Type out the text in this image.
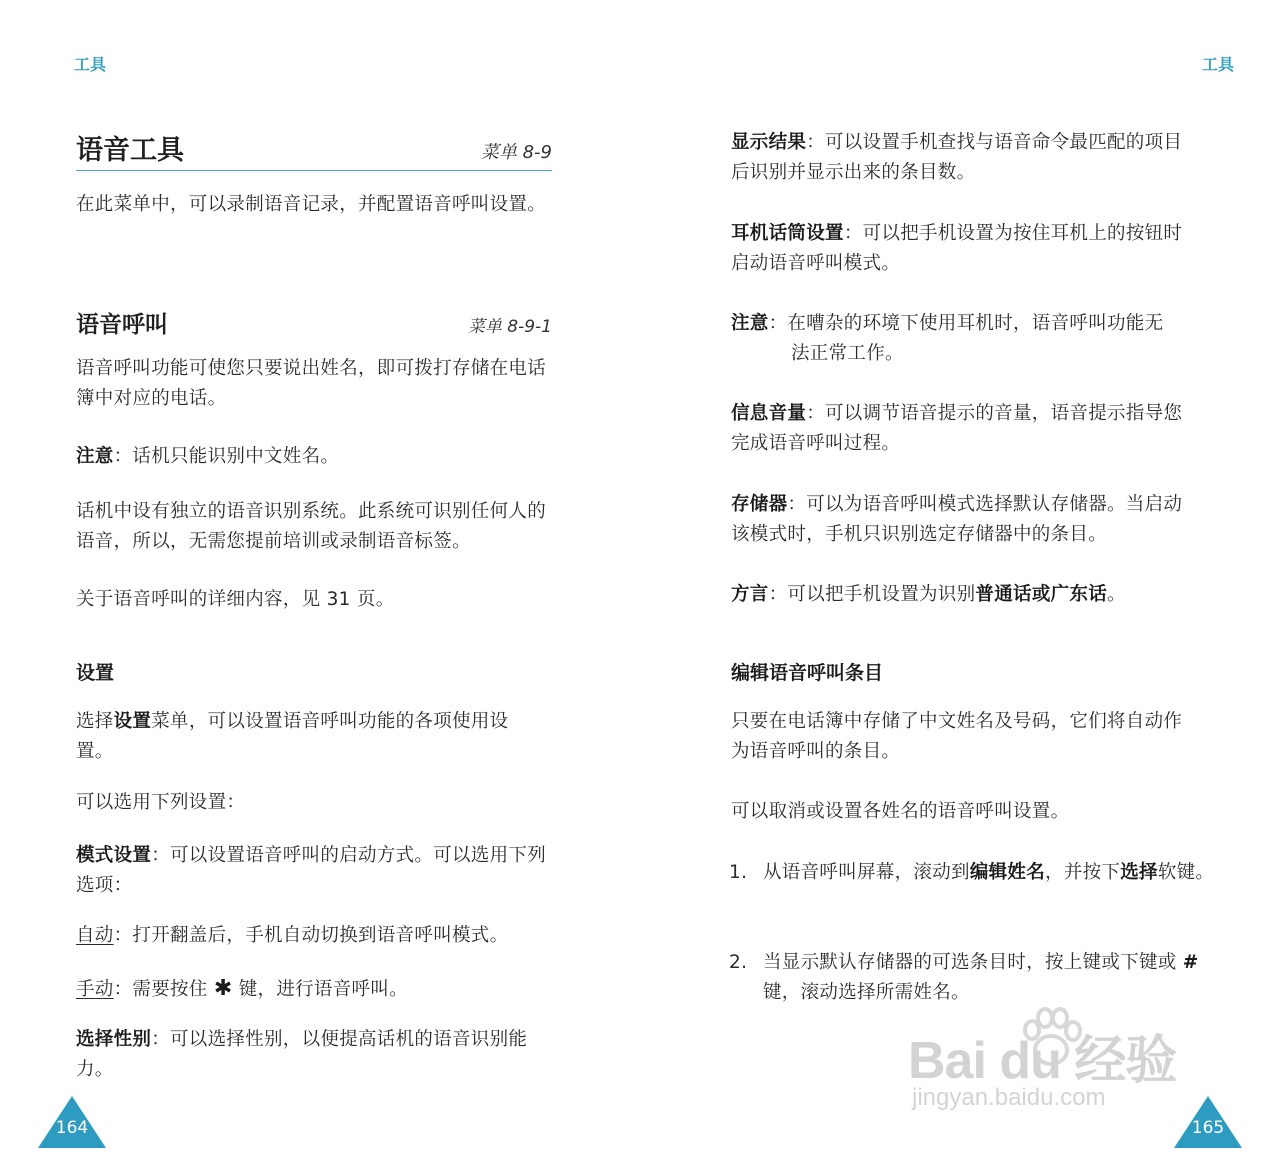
工具
语音工具	菜单 8-9

在此菜单中，可以录制语音记录，并配置语音呼叫设置。

语音呼叫	菜单 8-9-1

语音呼叫功能可使您只要说出姓名，即可拨打存储在电话簿中对应的电话。

注意：话机只能识别中文姓名。

话机中设有独立的语音识别系统。此系统可识别任何人的语音，所以，无需您提前培训或录制语音标签。

关于语音呼叫的详细内容，见 31 页。

设置

选择设置菜单，可以设置语音呼叫功能的各项使用设置。

可以选用下列设置：

模式设置：可以设置语音呼叫的启动方式。可以选用下列选项：

自动：打开翻盖后，手机自动切换到语音呼叫模式。

手动：需要按住 ✱ 键，进行语音呼叫。

选择性别：可以选择性别，以便提高话机的语音识别能力。

164
工具

显示结果：可以设置手机查找与语音命令最匹配的项目后识别并显示出来的条目数。

耳机话筒设置：可以把手机设置为按住耳机上的按钮时启动语音呼叫模式。

注意：在嘈杂的环境下使用耳机时，语音呼叫功能无
法正常工作。

信息音量：可以调节语音提示的音量，语音提示指导您完成语音呼叫过程。

存储器：可以为语音呼叫模式选择默认存储器。当启动该模式时，手机只识别选定存储器中的条目。

方言：可以把手机设置为识别普通话或广东话。

编辑语音呼叫条目

只要在电话簿中存储了中文姓名及号码，它们将自动作为语音呼叫的条目。

可以取消或设置各姓名的语音呼叫设置。

1. 从语音呼叫屏幕，滚动到编辑姓名，并按下选择软键。

2. 当显示默认存储器的可选条目时，按上键或下键或 # 键，滚动选择所需姓名。

165
Bai du 经验
jingyan.baidu.com
